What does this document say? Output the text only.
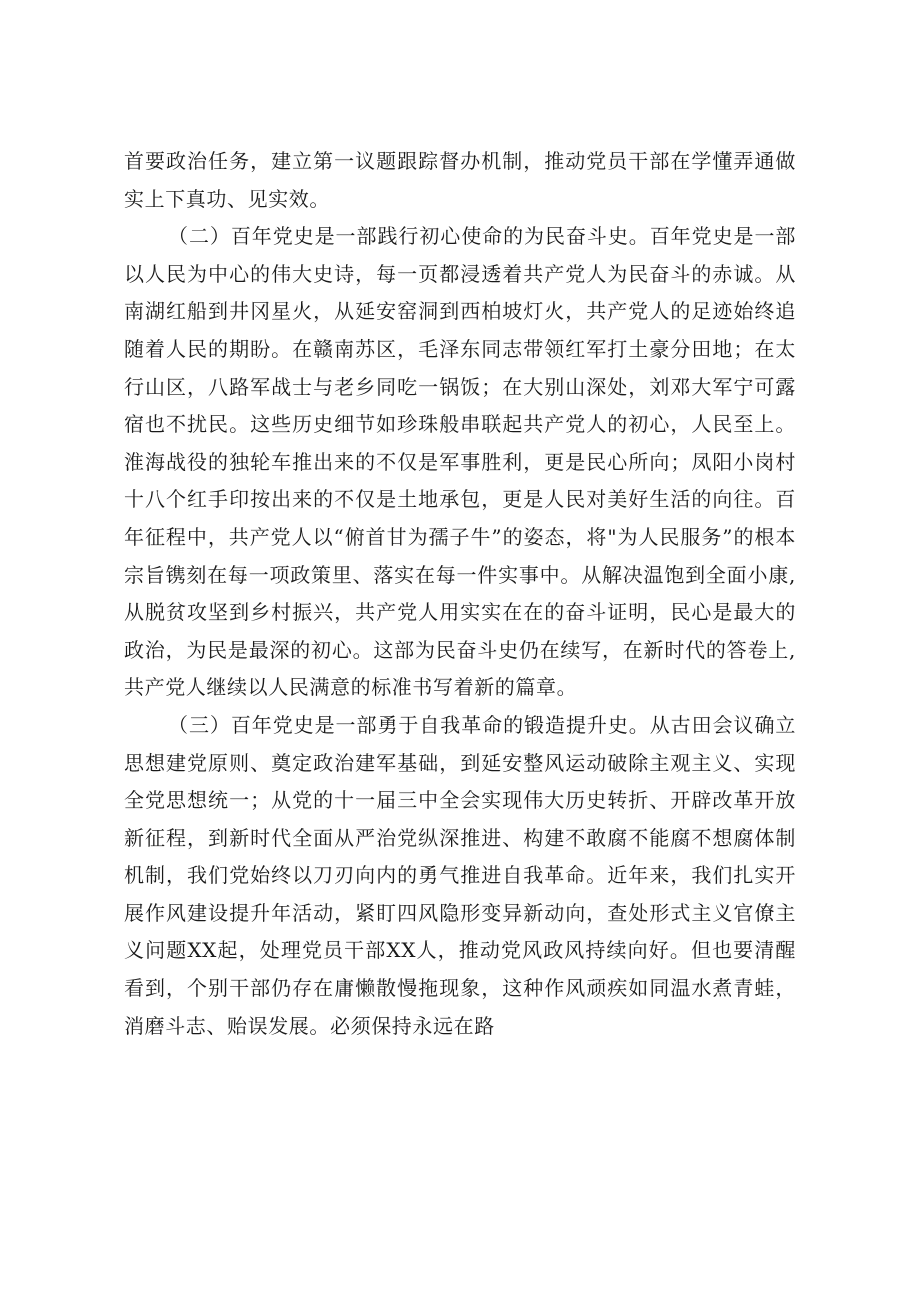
首要政治任务，建立第一议题跟踪督办机制，推动党员干部在学懂弄通做实上下真功、见实效。

（二）百年党史是一部践行初心使命的为民奋斗史。百年党史是一部以人民为中心的伟大史诗，每一页都浸透着共产党人为民奋斗的赤诚。从南湖红船到井冈星火，从延安窑洞到西柏坡灯火，共产党人的足迹始终追随着人民的期盼。在赣南苏区，毛泽东同志带领红军打土豪分田地；在太行山区，八路军战士与老乡同吃一锅饭；在大别山深处，刘邓大军宁可露宿也不扰民。这些历史细节如珍珠般串联起共产党人的初心，人民至上。淮海战役的独轮车推出来的不仅是军事胜利，更是民心所向；凤阳小岗村十八个红手印按出来的不仅是土地承包，更是人民对美好生活的向往。百年征程中，共产党人以“俯首甘为孺子牛”的姿态，将"为人民服务”的根本宗旨镌刻在每一项政策里、落实在每一件实事中。从解决温饱到全面小康,从脱贫攻坚到乡村振兴，共产党人用实实在在的奋斗证明，民心是最大的政治，为民是最深的初心。这部为民奋斗史仍在续写，在新时代的答卷上,共产党人继续以人民满意的标准书写着新的篇章。

（三）百年党史是一部勇于自我革命的锻造提升史。从古田会议确立思想建党原则、奠定政治建军基础，到延安整风运动破除主观主义、实现全党思想统一；从党的十一届三中全会实现伟大历史转折、开辟改革开放新征程，到新时代全面从严治党纵深推进、构建不敢腐不能腐不想腐体制机制，我们党始终以刀刃向内的勇气推进自我革命。近年来，我们扎实开展作风建设提升年活动，紧盯四风隐形变异新动向，查处形式主义官僚主义问题XX起，处理党员干部XX人，推动党风政风持续向好。但也要清醒看到，个别干部仍存在庸懒散慢拖现象，这种作风顽疾如同温水煮青蛙，消磨斗志、贻误发展。必须保持永远在路
